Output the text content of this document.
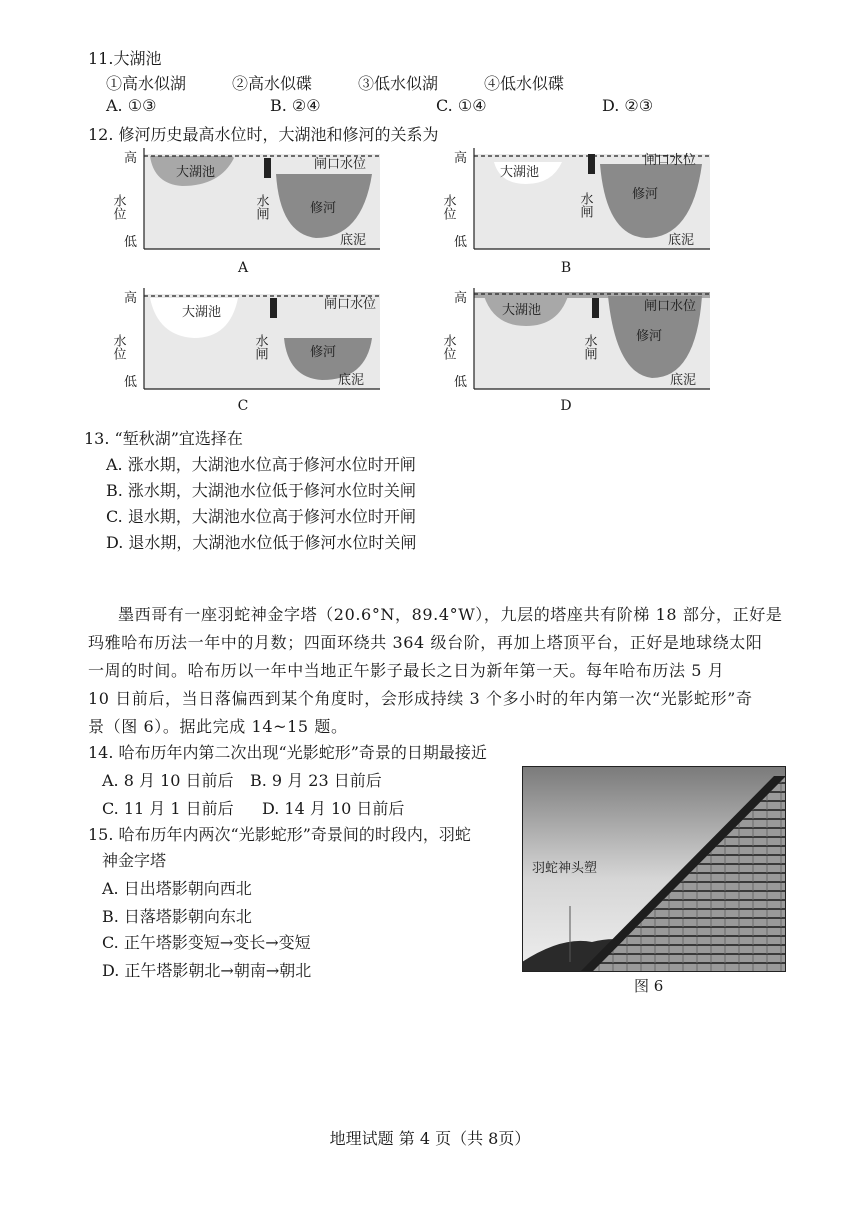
11.大湖池
①高水似湖	②高水似碟	③低水似湖	④低水似碟
A. ①③	B. ②④	C. ①④	D. ②③
12. 修河历史最高水位时，大湖池和修河的关系为
高
低
水位
大湖池
闸口水位
水闸	修河
底泥
A
高
低
水位
大湖池
闸口水位
水闸	修河
底泥
B
高
低
水位
大湖池
闸口水位
水闸	修河
底泥
C
高
低
水位
大湖池	闸口水位
水闸	修河
底泥
D
13. “堑秋湖”宜选择在
A. 涨水期，大湖池水位高于修河水位时开闸
B. 涨水期，大湖池水位低于修河水位时关闸
C. 退水期，大湖池水位高于修河水位时开闸
D. 退水期，大湖池水位低于修河水位时关闸
墨西哥有一座羽蛇神金字塔（20.6°N，89.4°W），九层的塔座共有阶梯 18 部分，正好是
玛雅哈布历法一年中的月数；四面环绕共 364 级台阶，再加上塔顶平台，正好是地球绕太阳
一周的时间。哈布历以一年中当地正午影子最长之日为新年第一天。每年哈布历法 5 月
10 日前后，当日落偏西到某个角度时，会形成持续 3 个多小时的年内第一次“光影蛇形”奇
景（图 6）。据此完成 14~15 题。
14. 哈布历年内第二次出现“光影蛇形”奇景的日期最接近
A. 8 月 10 日前后 B. 9 月 23 日前后
C. 11 月 1 日前后 D. 14 月 10 日前后
15. 哈布历年内两次“光影蛇形”奇景间的时段内，羽蛇
神金字塔
A. 日出塔影朝向西北
B. 日落塔影朝向东北
C. 正午塔影变短→变长→变短
D. 正午塔影朝北→朝南→朝北
羽蛇神头塑
图 6
地理试题 第 4 页（共 8页）
